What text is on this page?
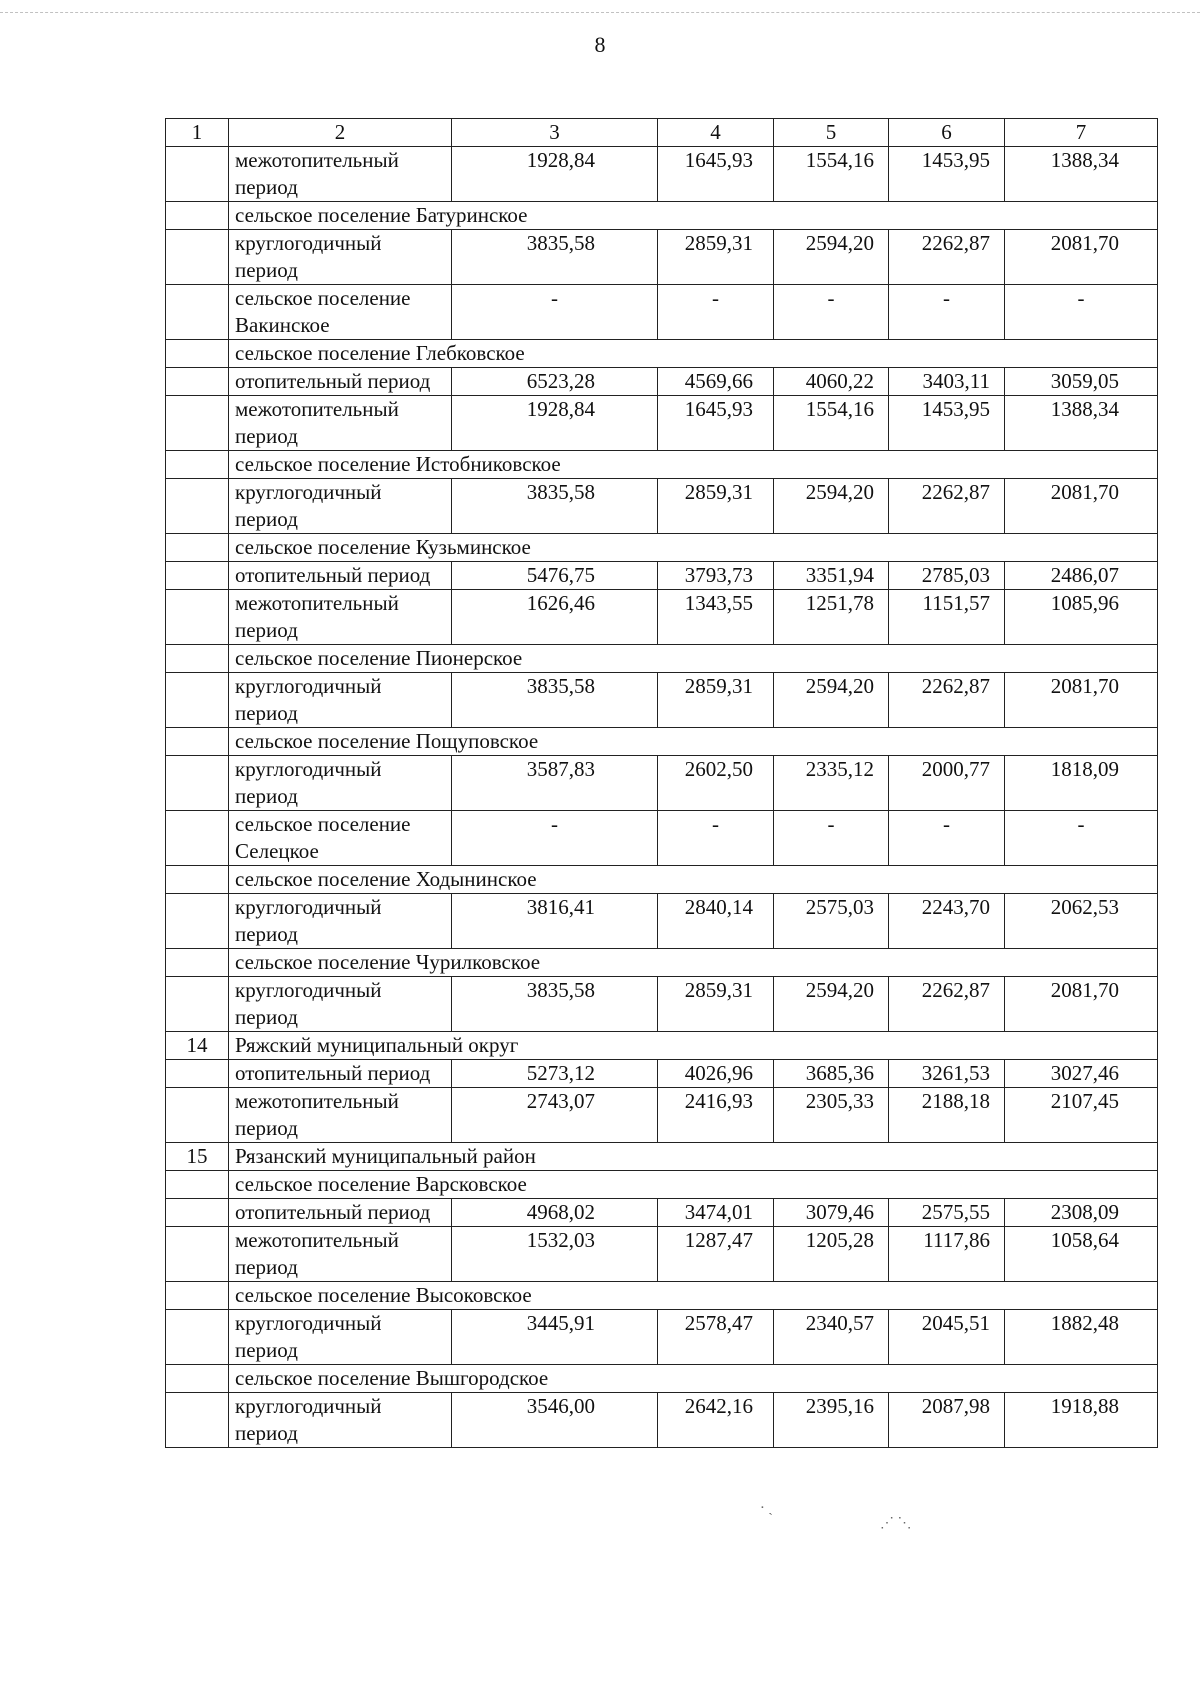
8
1	2	3	4	5	6	7
	межотопительный период	1928,84	1645,93	1554,16	1453,95	1388,34
	сельское поселение Батуринское					
	круглогодичный период	3835,58	2859,31	2594,20	2262,87	2081,70
	сельское поселение Вакинское	-	-	-	-	-
	сельское поселение Глебковское					
	отопительный период	6523,28	4569,66	4060,22	3403,11	3059,05
	межотопительный период	1928,84	1645,93	1554,16	1453,95	1388,34
	сельское поселение Истобниковское					
	круглогодичный период	3835,58	2859,31	2594,20	2262,87	2081,70
	сельское поселение Кузьминское					
	отопительный период	5476,75	3793,73	3351,94	2785,03	2486,07
	межотопительный период	1626,46	1343,55	1251,78	1151,57	1085,96
	сельское поселение Пионерское					
	круглогодичный период	3835,58	2859,31	2594,20	2262,87	2081,70
	сельское поселение Пощуповское					
	круглогодичный период	3587,83	2602,50	2335,12	2000,77	1818,09
	сельское поселение Селецкое	-	-	-	-	-
	сельское поселение Ходынинское					
	круглогодичный период	3816,41	2840,14	2575,03	2243,70	2062,53
	сельское поселение Чурилковское					
	круглогодичный период	3835,58	2859,31	2594,20	2262,87	2081,70
14	Ряжский муниципальный округ					
	отопительный период	5273,12	4026,96	3685,36	3261,53	3027,46
	межотопительный период	2743,07	2416,93	2305,33	2188,18	2107,45
15	Рязанский муниципальный район					
	сельское поселение Варсковское					
	отопительный период	4968,02	3474,01	3079,46	2575,55	2308,09
	межотопительный период	1532,03	1287,47	1205,28	1117,86	1058,64
	сельское поселение Высоковское					
	круглогодичный период	3445,91	2578,47	2340,57	2045,51	1882,48
	сельское поселение Вышгородское					
	круглогодичный период	3546,00	2642,16	2395,16	2087,98	1918,88
⋅ ˎ
⋰ ⋱
